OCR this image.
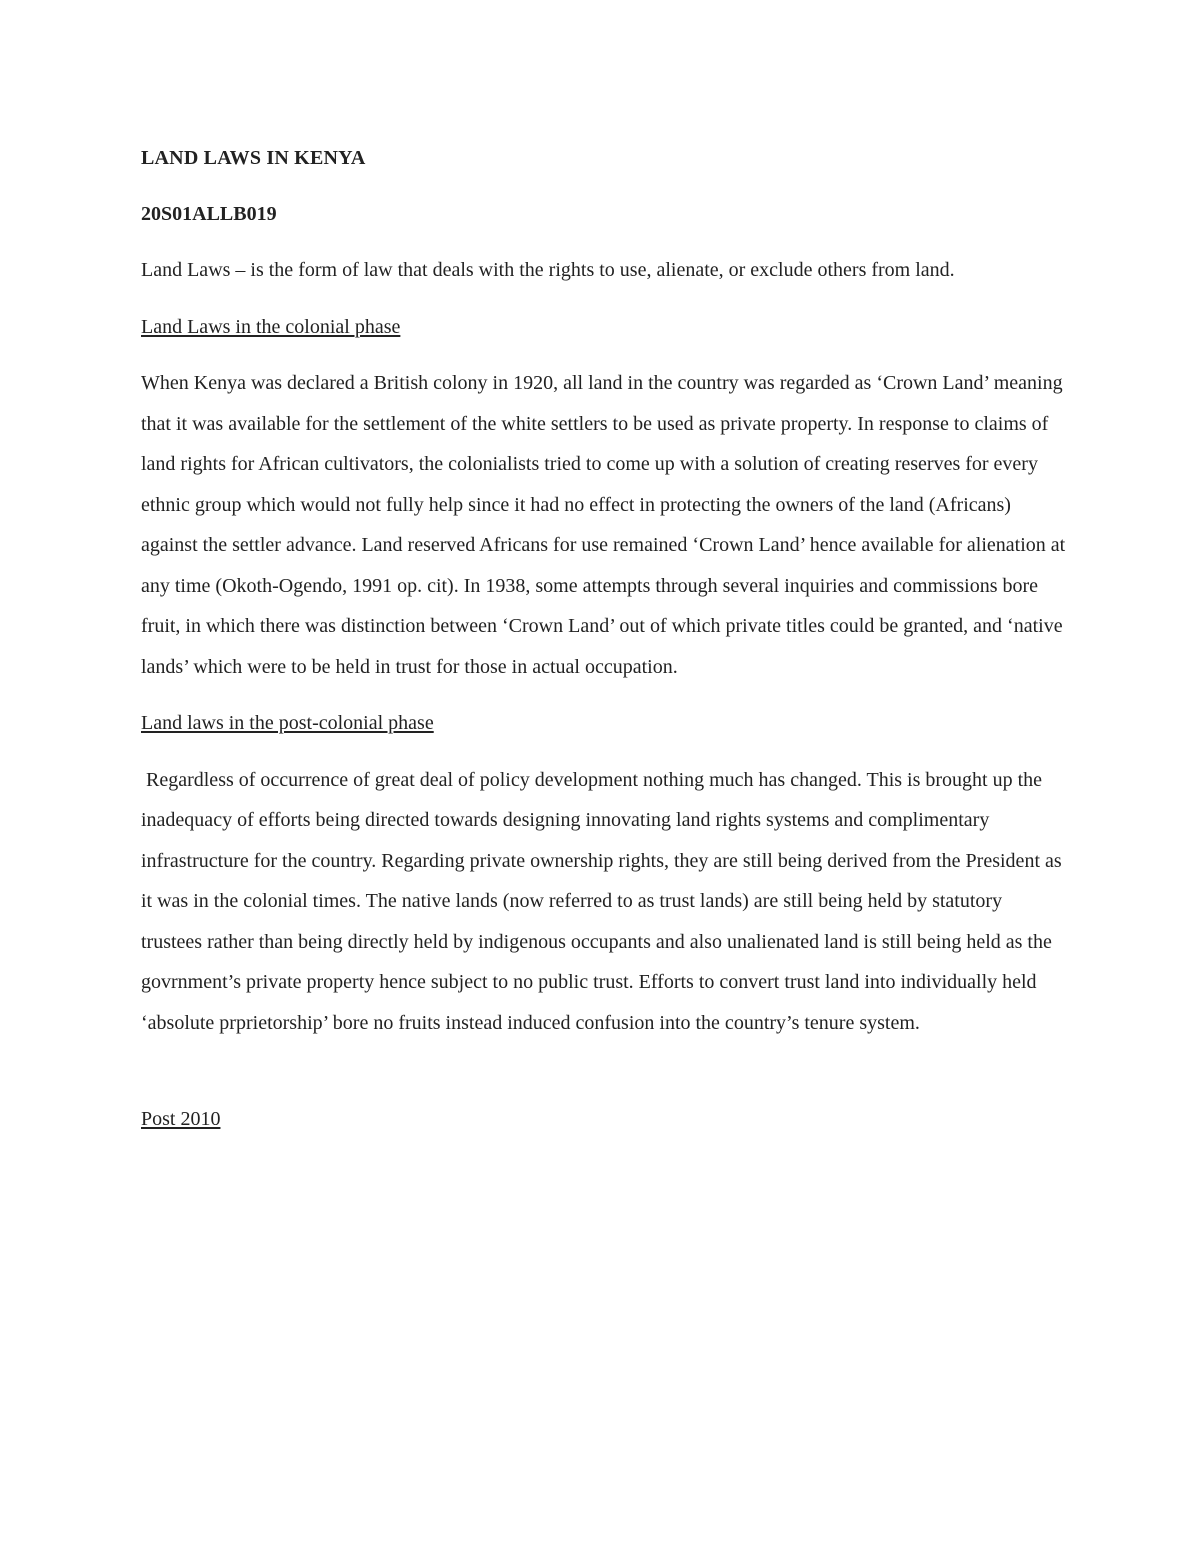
LAND LAWS IN KENYA
20S01ALLB019

Land Laws – is the form of law that deals with the rights to use, alienate, or exclude others from land.

Land Laws in the colonial phase

When Kenya was declared a British colony in 1920, all land in the country was regarded as ‘Crown Land’ meaning that it was available for the settlement of the white settlers to be used as private property. In response to claims of land rights for African cultivators, the colonialists tried to come up with a solution of creating reserves for every ethnic group which would not fully help since it had no effect in protecting the owners of the land (Africans) against the settler advance. Land reserved Africans for use remained ‘Crown Land’ hence available for alienation at any time (Okoth-Ogendo, 1991 op. cit). In 1938, some attempts through several inquiries and commissions bore fruit, in which there was distinction between ‘Crown Land’ out of which private titles could be granted, and ‘native lands’ which were to be held in trust for those in actual occupation.

Land laws in the post-colonial phase

Regardless of occurrence of great deal of policy development nothing much has changed. This is brought up the inadequacy of efforts being directed towards designing innovating land rights systems and complimentary infrastructure for the country. Regarding private ownership rights, they are still being derived from the President as it was in the colonial times. The native lands (now referred to as trust lands) are still being held by statutory trustees rather than being directly held by indigenous occupants and also unalienated land is still being held as the govrnment’s private property hence subject to no public trust. Efforts to convert trust land into individually held ‘absolute prprietorship’ bore no fruits instead induced confusion into the country’s tenure system.

Post 2010
